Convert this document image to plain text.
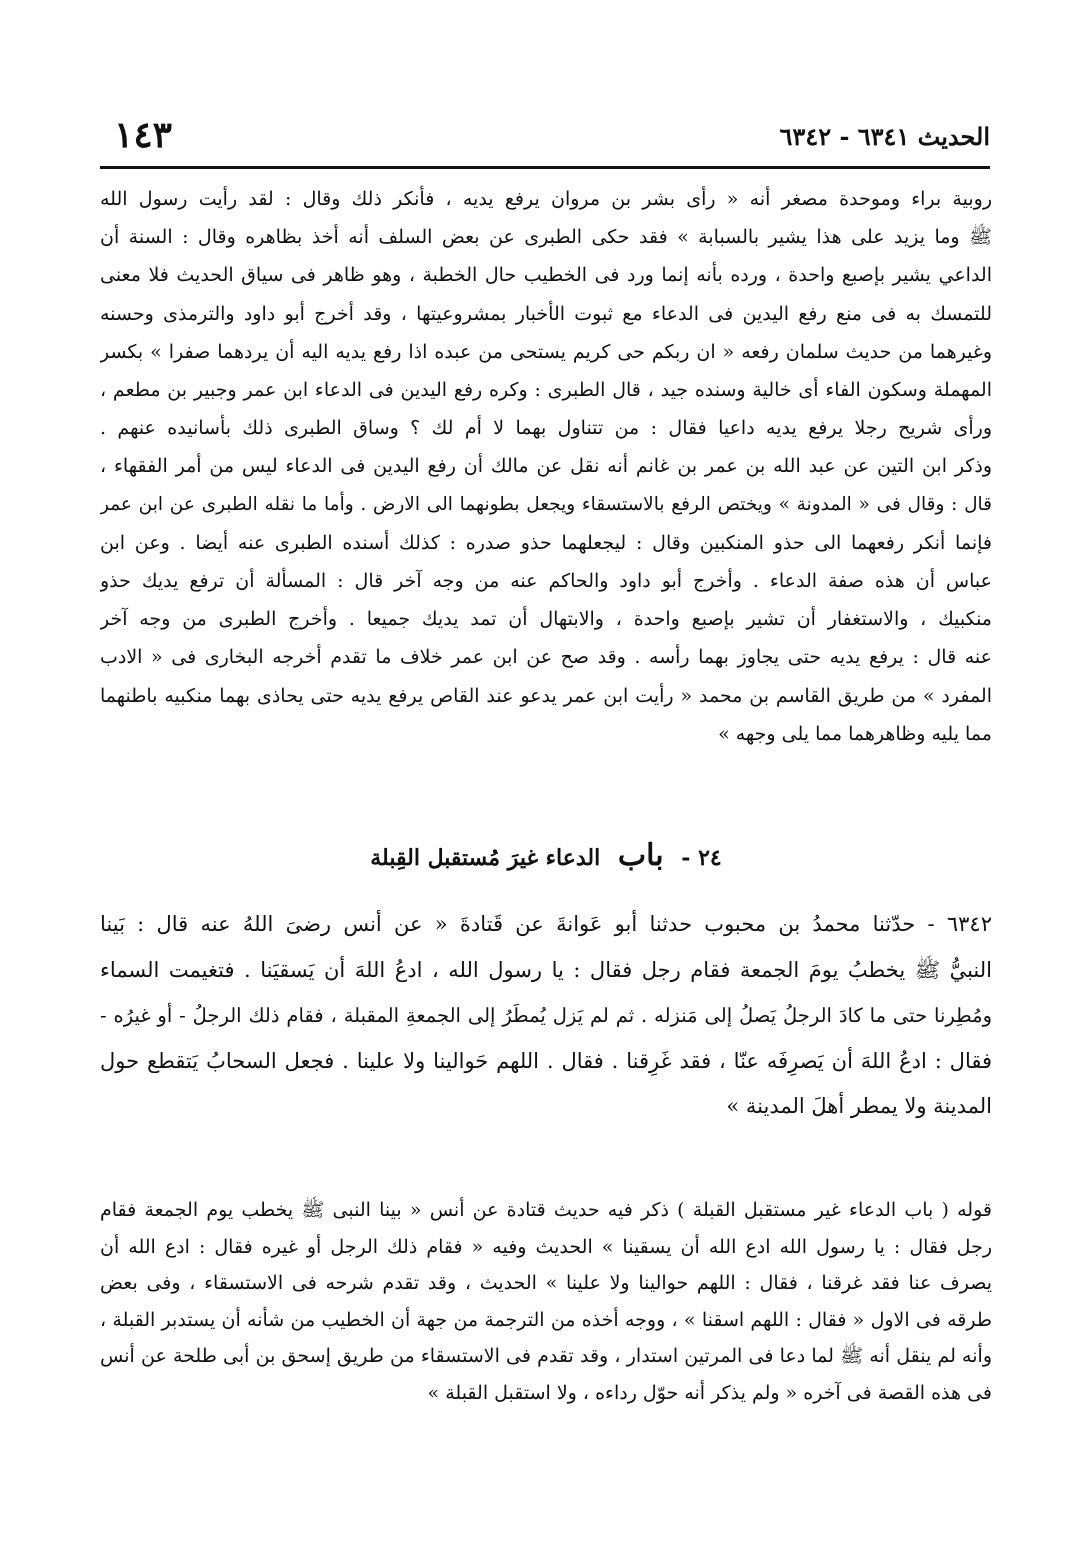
الحديث ٦٣٤١ - ٦٣٤٢
١٤٣
روبية براء وموحدة مصغر أنه « رأى بشر بن مروان يرفع يديه ، فأنكر ذلك وقال : لقد رأيت رسول الله
ﷺ وما يزيد على هذا يشير بالسبابة » فقد حكى الطبرى عن بعض السلف أنه أخذ بظاهره وقال : السنة أن
الداعي يشير بإصبع واحدة ، ورده بأنه إنما ورد فى الخطيب حال الخطبة ، وهو ظاهر فى سياق الحديث فلا معنى
للتمسك به فى منع رفع اليدين فى الدعاء مع ثبوت الأخبار بمشروعيتها ، وقد أخرج أبو داود والترمذى وحسنه
وغيرهما من حديث سلمان رفعه « ان ربكم حى كريم يستحى من عبده اذا رفع يديه اليه أن يردهما صفرا » بكسر
المهملة وسكون الفاء أى خالية وسنده جيد ، قال الطبرى : وكره رفع اليدين فى الدعاء ابن عمر وجبير بن مطعم ،
ورأى شريح رجلا يرفع يديه داعيا فقال : من تتناول بهما لا أم لك ؟ وساق الطبرى ذلك بأسانيده عنهم .
وذكر ابن التين عن عبد الله بن عمر بن غانم أنه نقل عن مالك أن رفع اليدين فى الدعاء ليس من أمر الفقهاء ،
قال : وقال فى « المدونة » ويختص الرفع بالاستسقاء ويجعل بطونهما الى الارض . وأما ما نقله الطبرى عن ابن عمر
فإنما أنكر رفعهما الى حذو المنكبين وقال : ليجعلهما حذو صدره : كذلك أسنده الطبرى عنه أيضا . وعن ابن
عباس أن هذه صفة الدعاء . وأخرج أبو داود والحاكم عنه من وجه آخر قال : المسألة أن ترفع يديك حذو
منكبيك ، والاستغفار أن تشير بإصبع واحدة ، والابتهال أن تمد يديك جميعا . وأخرج الطبرى من وجه آخر
عنه قال : يرفع يديه حتى يجاوز بهما رأسه . وقد صح عن ابن عمر خلاف ما تقدم أخرجه البخارى فى « الادب
المفرد » من طريق القاسم بن محمد « رأيت ابن عمر يدعو عند القاص يرفع يديه حتى يحاذى بهما منكبيه باطنهما
مما يليه وظاهرهما مما يلى وجهه »
٢٤ - باب الدعاء غيرَ مُستقبل القِبلة
٦٣٤٢ - حدّثنا محمدُ بن محبوب حدثنا أبو عَوانةَ عن قَتادةَ « عن أنس رضىَ اللهُ عنه قال : بَينا
النبيُّ ﷺ يخطبُ يومَ الجمعة فقام رجل فقال : يا رسول الله ، ادعُ اللهَ أن يَسقيَنا . فتغيمت السماء
ومُطِرنا حتى ما كادَ الرجلُ يَصلُ إلى مَنزله . ثم لم يَزل يُمطَرُ إلى الجمعةِ المقبلة ، فقام ذلك الرجلُ - أو غيرُه -
فقال : ادعُ اللهَ أن يَصرِفَه عنّا ، فقد غَرِقنا . فقال . اللهم حَوالينا ولا علينا . فجعل السحابُ يَتقطع حول
المدينة ولا يمطر أهلَ المدينة »
قوله ( باب الدعاء غير مستقبل القبلة ) ذكر فيه حديث قتادة عن أنس « بينا النبى ﷺ يخطب يوم الجمعة فقام
رجل فقال : يا رسول الله ادع الله أن يسقينا » الحديث وفيه « فقام ذلك الرجل أو غيره فقال : ادع الله أن
يصرف عنا فقد غرقنا ، فقال : اللهم حوالينا ولا علينا » الحديث ، وقد تقدم شرحه فى الاستسقاء ، وفى بعض
طرقه فى الاول « فقال : اللهم اسقنا » ، ووجه أخذه من الترجمة من جهة أن الخطيب من شأنه أن يستدبر القبلة ،
وأنه لم ينقل أنه ﷺ لما دعا فى المرتين استدار ، وقد تقدم فى الاستسقاء من طريق إسحق بن أبى طلحة عن أنس
فى هذه القصة فى آخره « ولم يذكر أنه حوّل رداءه ، ولا استقبل القبلة »
